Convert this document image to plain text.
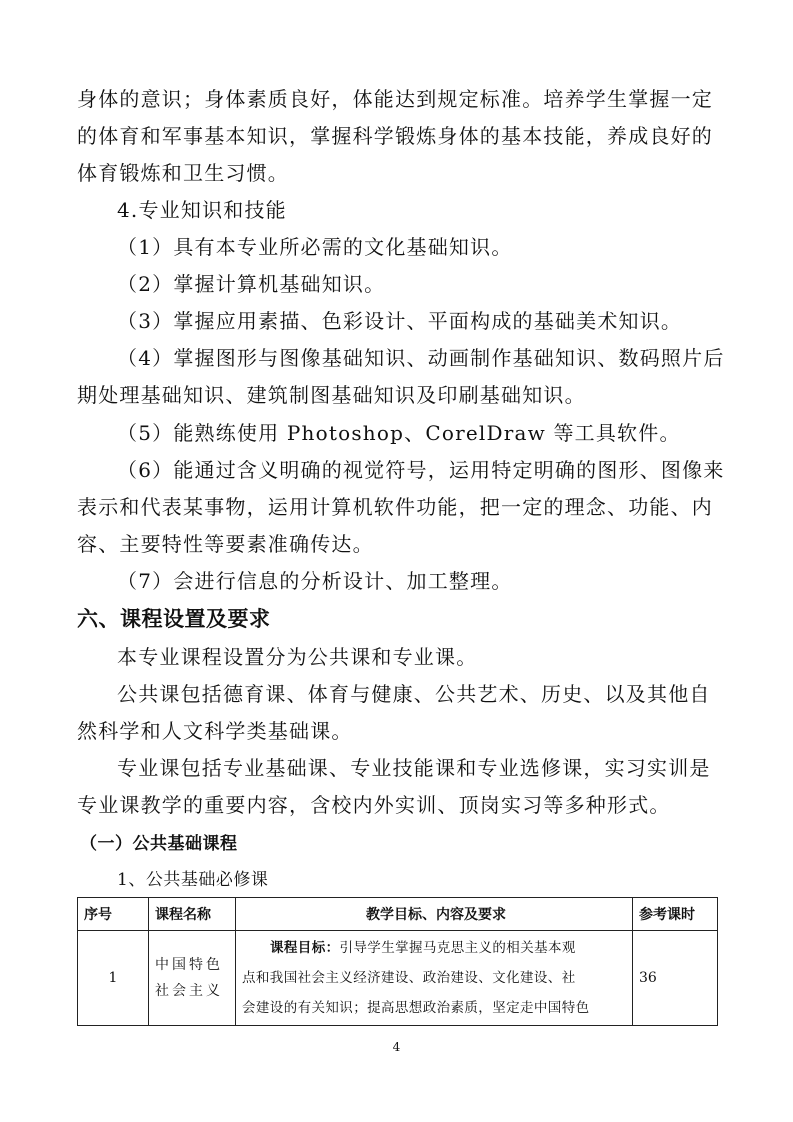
身体的意识；身体素质良好，体能达到规定标准。培养学生掌握一定
的体育和军事基本知识，掌握科学锻炼身体的基本技能，养成良好的
体育锻炼和卫生习惯。
4.专业知识和技能
（1）具有本专业所必需的文化基础知识。
（2）掌握计算机基础知识。
（3）掌握应用素描、色彩设计、平面构成的基础美术知识。
（4）掌握图形与图像基础知识、动画制作基础知识、数码照片后
期处理基础知识、建筑制图基础知识及印刷基础知识。
（5）能熟练使用 Photoshop、CorelDraw 等工具软件。
（6）能通过含义明确的视觉符号，运用特定明确的图形、图像来
表示和代表某事物，运用计算机软件功能，把一定的理念、功能、内
容、主要特性等要素准确传达。
（7）会进行信息的分析设计、加工整理。
六、课程设置及要求
本专业课程设置分为公共课和专业课。
公共课包括德育课、体育与健康、公共艺术、历史、以及其他自
然科学和人文科学类基础课。
专业课包括专业基础课、专业技能课和专业选修课，实习实训是
专业课教学的重要内容，含校内外实训、顶岗实习等多种形式。
（一）公共基础课程
1、公共基础必修课
序号	课程名称	教学目标、内容及要求	参考课时
1	中国特色社会主义	课程目标：引导学生掌握马克思主义的相关基本观
点和我国社会主义经济建设、政治建设、文化建设、社
会建设的有关知识；提高思想政治素质，坚定走中国特色	36
4
